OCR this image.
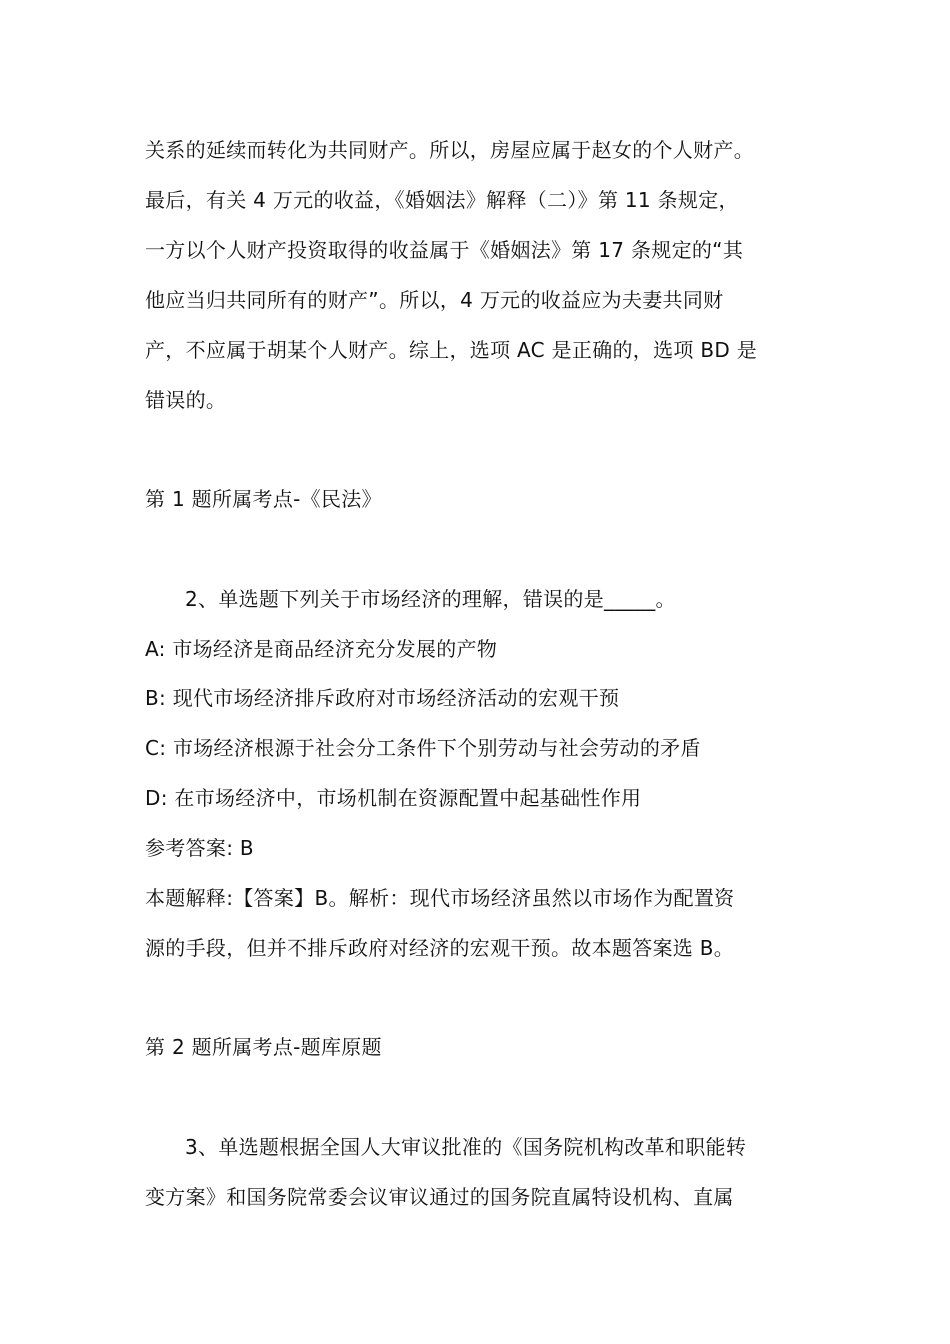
关系的延续而转化为共同财产。所以，房屋应属于赵女的个人财产。
最后，有关 4 万元的收益，《婚姻法》解释（二）》第 11 条规定，
一方以个人财产投资取得的收益属于《婚姻法》第 17 条规定的“其
他应当归共同所有的财产”。所以，4 万元的收益应为夫妻共同财
产，不应属于胡某个人财产。综上，选项 AC 是正确的，选项 BD 是
错误的。
第 1 题所属考点-《民法》
2、单选题下列关于市场经济的理解，错误的是_____。
A: 市场经济是商品经济充分发展的产物
B: 现代市场经济排斥政府对市场经济活动的宏观干预
C: 市场经济根源于社会分工条件下个别劳动与社会劳动的矛盾
D: 在市场经济中，市场机制在资源配置中起基础性作用
参考答案: B
本题解释:【答案】B。解析：现代市场经济虽然以市场作为配置资
源的手段，但并不排斥政府对经济的宏观干预。故本题答案选 B。
第 2 题所属考点-题库原题
3、单选题根据全国人大审议批准的《国务院机构改革和职能转
变方案》和国务院常委会议审议通过的国务院直属特设机构、直属
